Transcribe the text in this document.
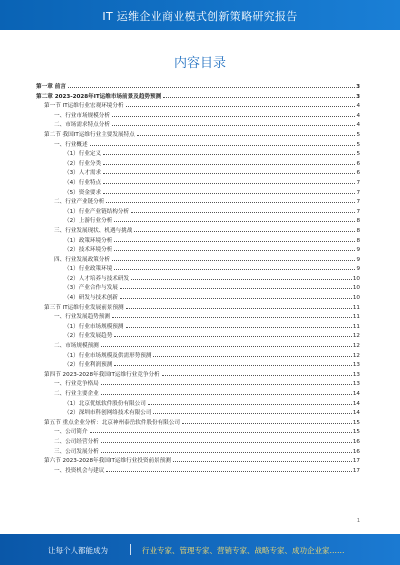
IT 运维企业商业模式创新策略研究报告
内容目录
第一章 前言	3
第二章 2023-2028年IT运维市场前景及趋势预测	3
第一节 IT运维行业宏观环境分析	4
一、行业市场规模分析	4
二、市场需求特点分析	4
第二节 我国IT运维行业主要发展特点	5
一、行业概述	5
（1）行业定义	5
（2）行业分类	6
（3）人才需求	6
（4）行业特点	7
（5）资金要求	7
二、行业产业链分析	7
（1）行业产业链结构分析	7
（2）上游行业分析	8
三、行业发展现状、机遇与挑战	8
（1）政策环境分析	8
（2）技术环境分析	9
四、行业发展政策分析	9
（1）行业政策环境	9
（2）人才培养与技术研发	10
（3）产业合作与发展	10
（4）研发与技术创新	10
第三节 IT运维行业发展前景预测	11
一、行业发展趋势预测	11
（1）行业市场规模预测	11
（2）行业发展趋势	12
二、市场规模预测	12
（1）行业市场规模及供需形势预测	12
（2）行业利润预测	13
第四节 2023-2028年我国IT运维行业竞争分析	13
一、行业竞争格局	13
二、行业主要企业	14
（1）北京优炫软件股份有限公司	14
（2）深圳市科创网络技术有限公司	14
第五节 重点企业分析：北京神州泰岳软件股份有限公司	15
一、公司简介	15
二、公司经营分析	16
三、公司发展分析	16
第六节 2023-2028年我国IT运维行业投资前景预测	17
一、投资机会与建议	17
1
让每个人都能成为	行业专家、管理专家、营销专家、战略专家、成功企业家……
